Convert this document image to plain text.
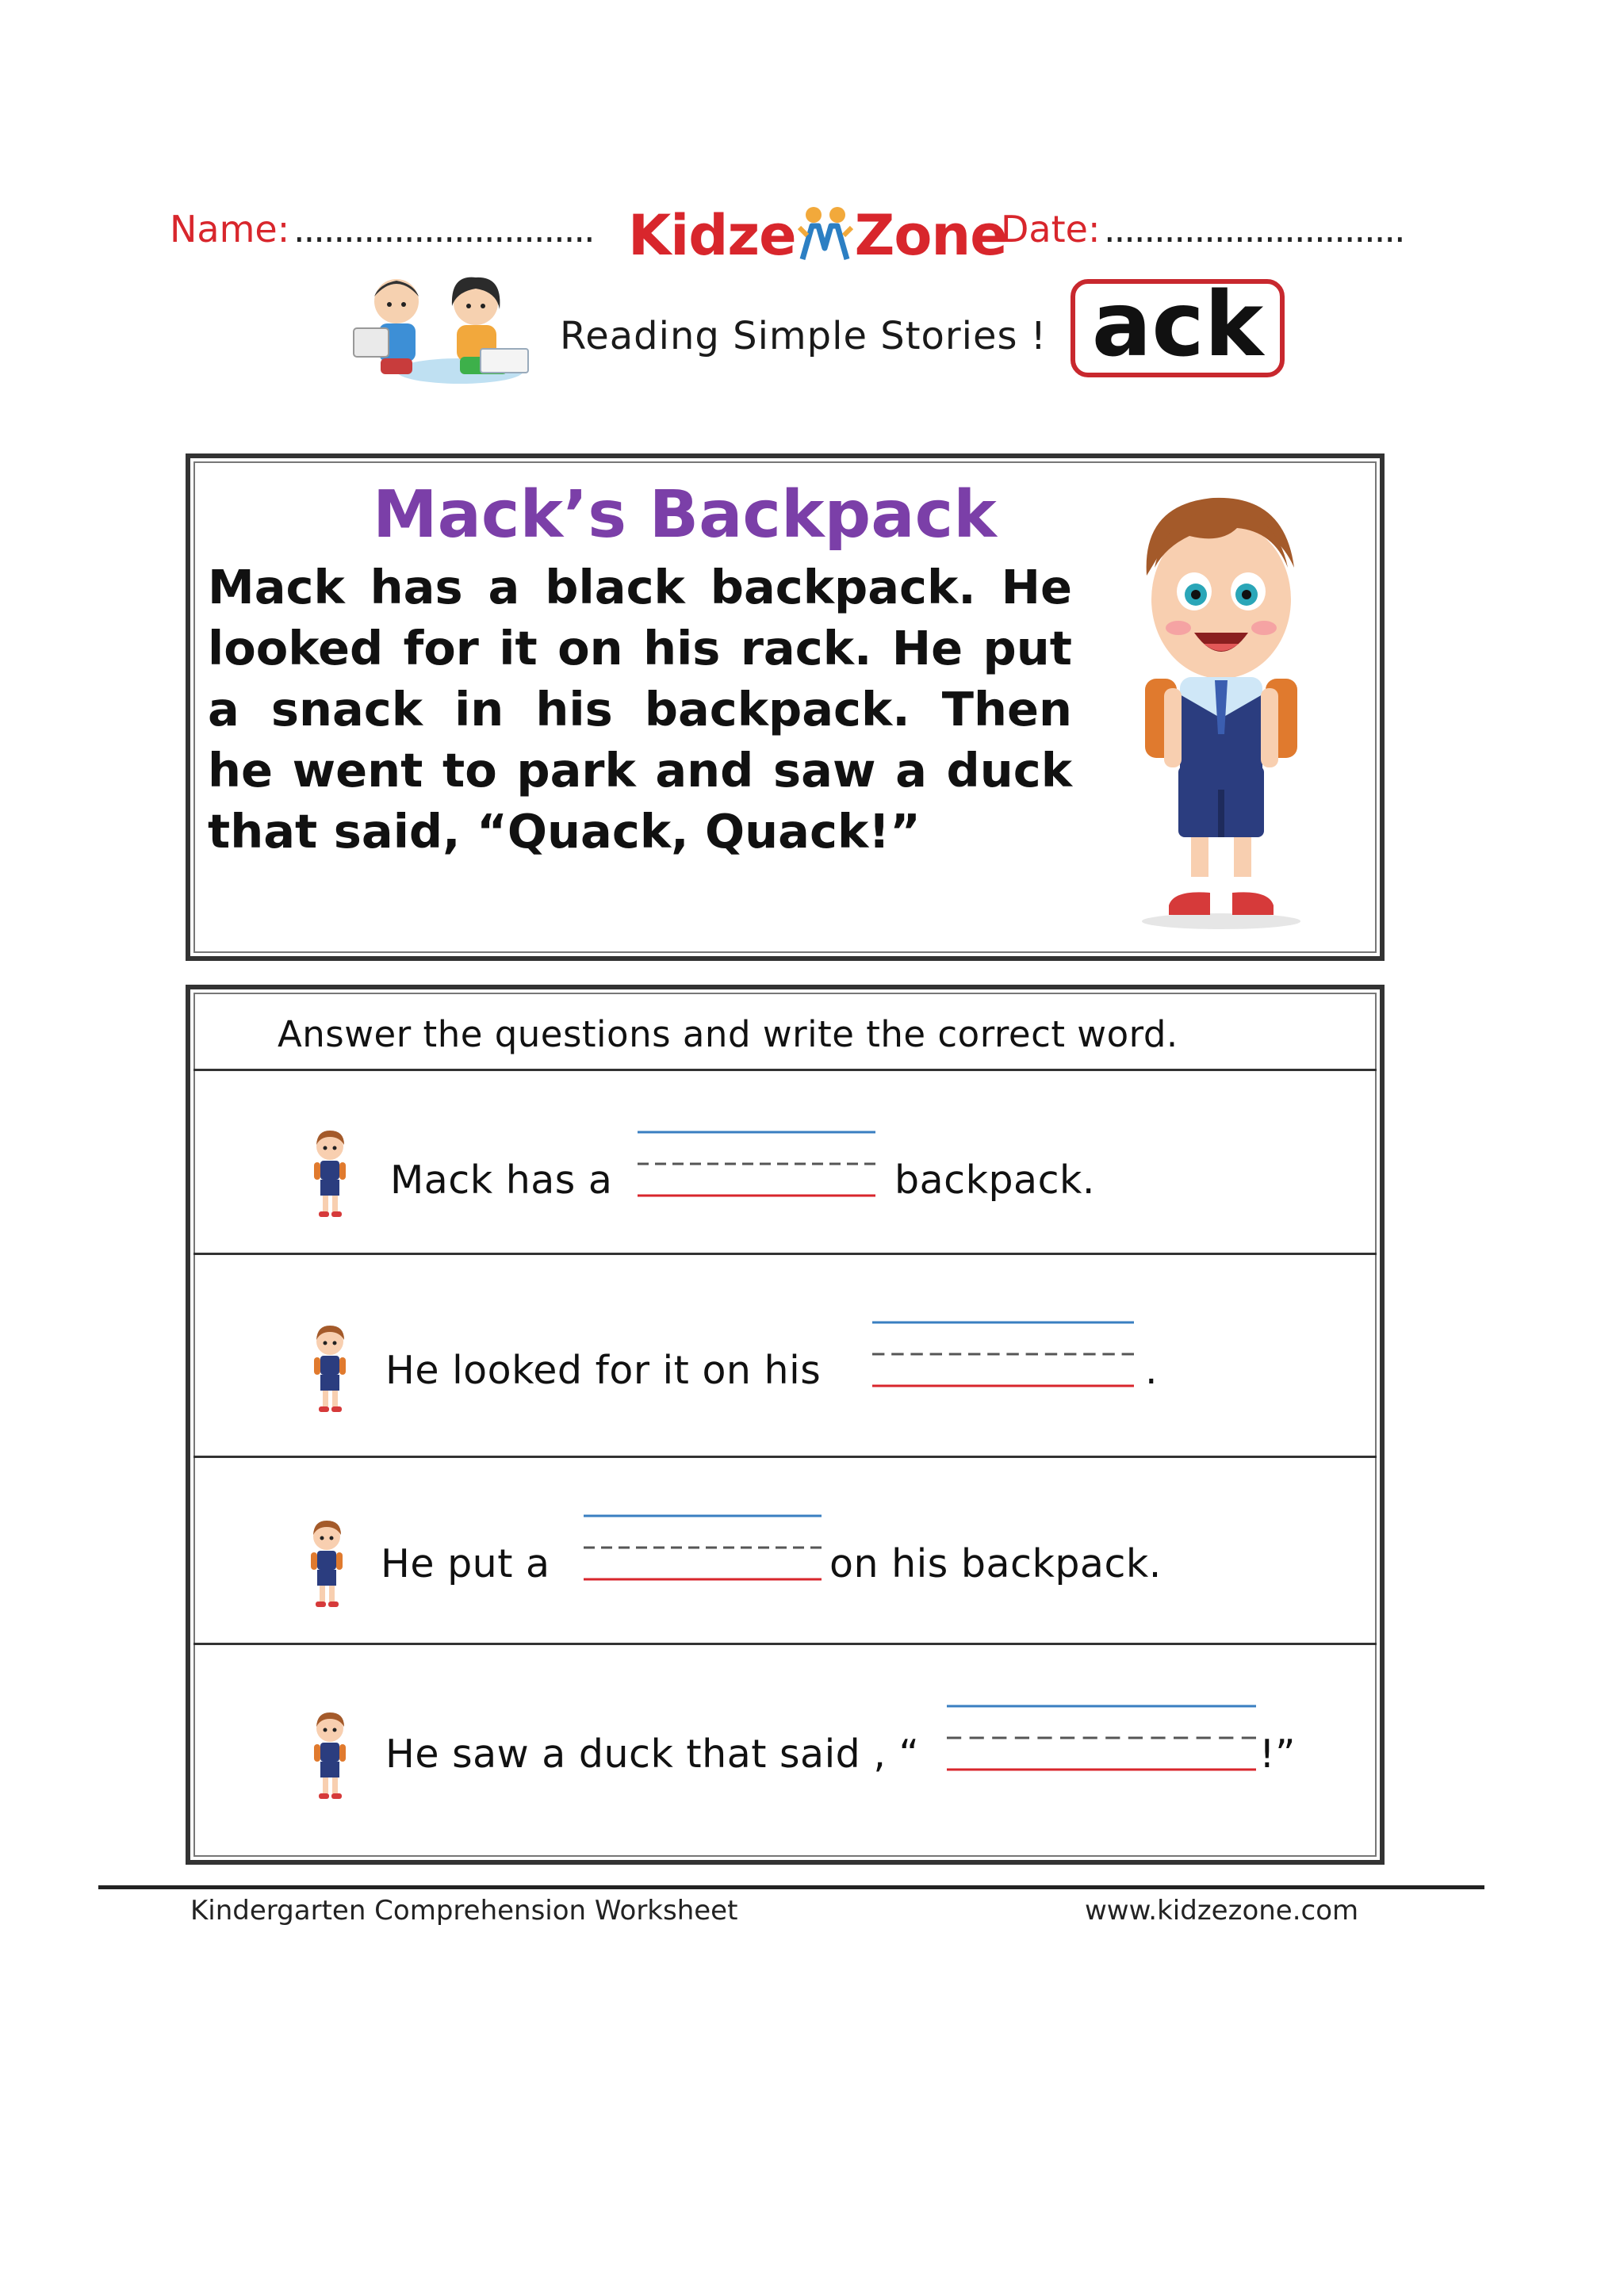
Name: .............................. Kidze Zone
Date: ..............................
Reading Simple Stories ! ack
Mack’s Backpack
Mack has a black backpack. He looked for it on his rack. He put a snack in his backpack. Then he went to park and saw a duck that said, “Quack, Quack!”
Answer the questions and write the correct word.
Mack has a	backpack.
He looked for it on his	.
He put a	on his backpack.
He saw a duck that said , “	!”
Kindergarten Comprehension Worksheet	www.kidzezone.com
